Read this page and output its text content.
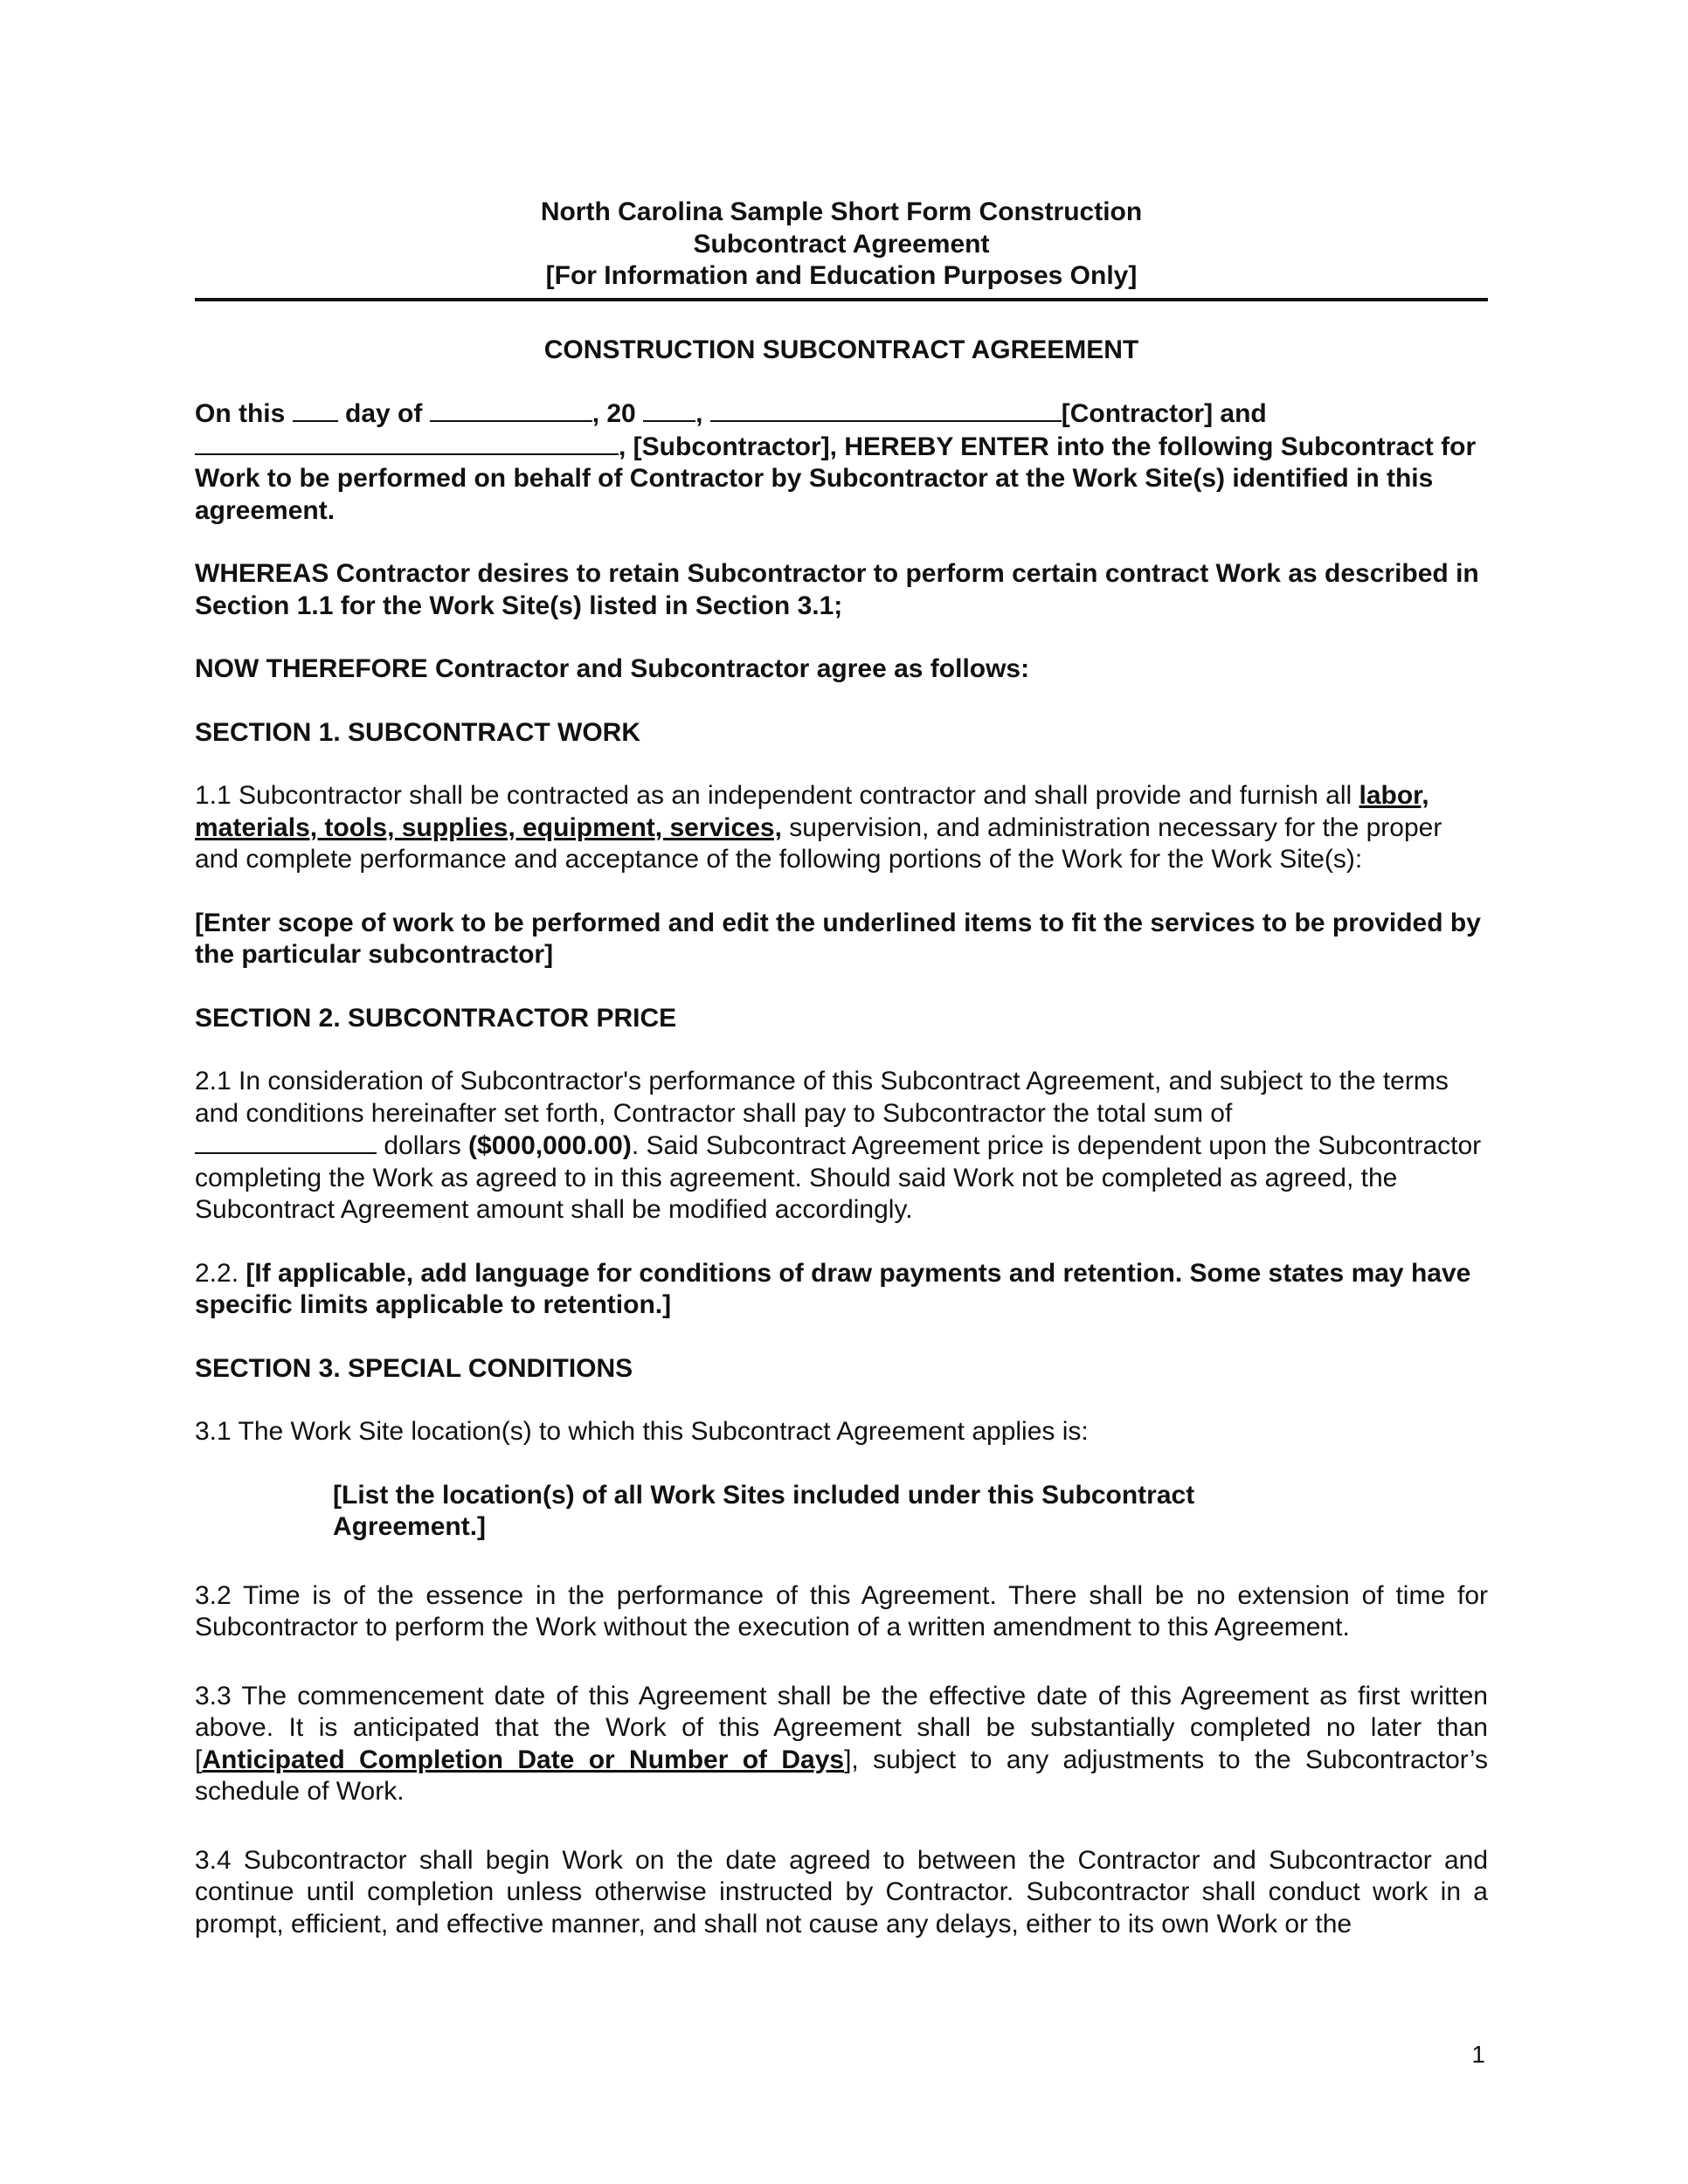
North Carolina Sample Short Form Construction
Subcontract Agreement
[For Information and Education Purposes Only]
CONSTRUCTION SUBCONTRACT AGREEMENT
On this  day of	, 20 ,	[Contractor] and
, [Subcontractor], HEREBY ENTER into the following Subcontract for Work to be performed on behalf of Contractor by Subcontractor at the Work Site(s) identified in this agreement.
WHEREAS Contractor desires to retain Subcontractor to perform certain contract Work as described in Section 1.1 for the Work Site(s) listed in Section 3.1;
NOW THEREFORE Contractor and Subcontractor agree as follows:
SECTION 1. SUBCONTRACT WORK
1.1 Subcontractor shall be contracted as an independent contractor and shall provide and furnish all labor, materials, tools, supplies, equipment, services, supervision, and administration necessary for the proper and complete performance and acceptance of the following portions of the Work for the Work Site(s):
[Enter scope of work to be performed and edit the underlined items to fit the services to be provided by the particular subcontractor]
SECTION 2. SUBCONTRACTOR PRICE
2.1 In consideration of Subcontractor's performance of this Subcontract Agreement, and subject to the terms and conditions hereinafter set forth, Contractor shall pay to Subcontractor the total sum of
dollars ($000,000.00). Said Subcontract Agreement price is dependent upon the Subcontractor completing the Work as agreed to in this agreement. Should said Work not be completed as agreed, the Subcontract Agreement amount shall be modified accordingly.
2.2. [If applicable, add language for conditions of draw payments and retention. Some states may have specific limits applicable to retention.]
SECTION 3. SPECIAL CONDITIONS
3.1 The Work Site location(s) to which this Subcontract Agreement applies is:
[List the location(s) of all Work Sites included under this Subcontract Agreement.]
3.2 Time is of the essence in the performance of this Agreement. There shall be no extension of time for Subcontractor to perform the Work without the execution of a written amendment to this Agreement.
3.3 The commencement date of this Agreement shall be the effective date of this Agreement as first written above. It is anticipated that the Work of this Agreement shall be substantially completed no later than [Anticipated Completion Date or Number of Days], subject to any adjustments to the Subcontractor’s schedule of Work.
3.4 Subcontractor shall begin Work on the date agreed to between the Contractor and Subcontractor and continue until completion unless otherwise instructed by Contractor. Subcontractor shall conduct work in a prompt, efficient, and effective manner, and shall not cause any delays, either to its own Work or the
1
